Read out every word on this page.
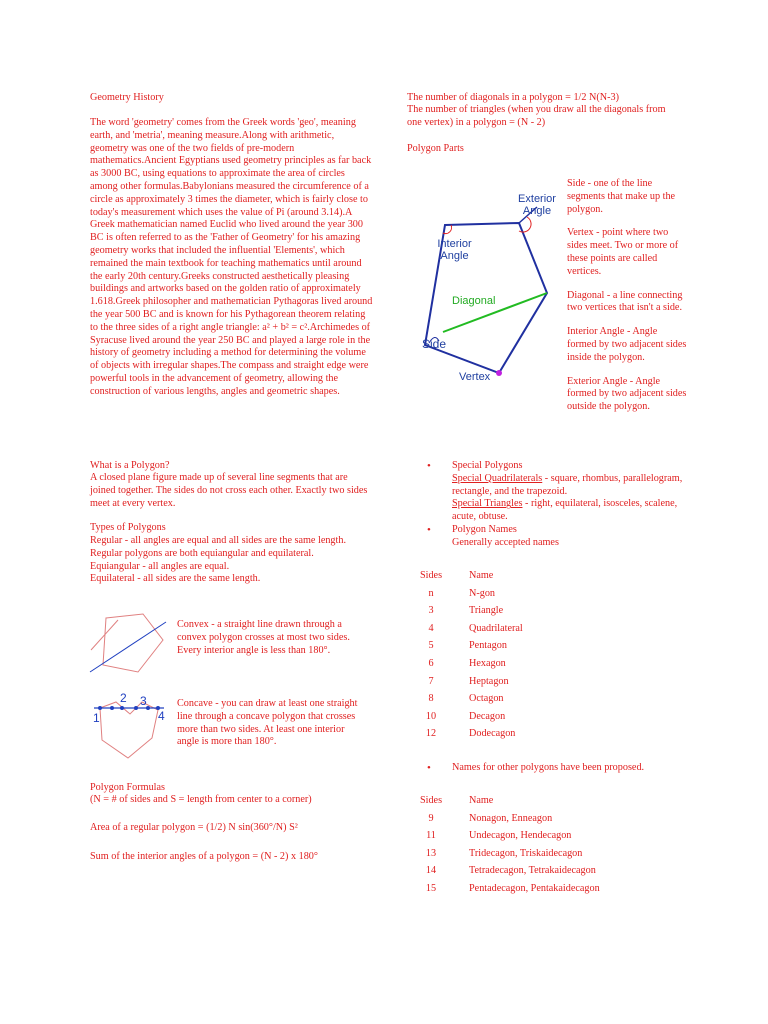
Geometry History

The word 'geometry' comes from the Greek words 'geo', meaning earth, and 'metria', meaning measure.Along with arithmetic, geometry was one of the two fields of pre-modern mathematics.Ancient Egyptians used geometry principles as far back as 3000 BC, using equations to approximate the area of circles among other formulas.Babylonians measured the circumference of a circle as approximately 3 times the diameter, which is fairly close to today's measurement which uses the value of Pi (around 3.14).A Greek mathematician named Euclid who lived around the year 300 BC is often referred to as the 'Father of Geometry' for his amazing geometry works that included the influential 'Elements', which remained the main textbook for teaching mathematics until around the early 20th century.Greeks constructed aesthetically pleasing buildings and artworks based on the golden ratio of approximately 1.618.Greek philosopher and mathematician Pythagoras lived around the year 500 BC and is known for his Pythagorean theorem relating to the three sides of a right angle triangle: a² + b² = c².Archimedes of Syracuse lived around the year 250 BC and played a large role in the history of geometry including a method for determining the volume of objects with irregular shapes.The compass and straight edge were powerful tools in the advancement of geometry, allowing the construction of various lengths, angles and geometric shapes.

What is a Polygon?

A closed plane figure made up of several line segments that are joined together. The sides do not cross each other. Exactly two sides meet at every vertex.

Types of Polygons

Regular - all angles are equal and all sides are the same length.

Regular polygons are both equiangular and equilateral.

Equiangular - all angles are equal.

Equilateral - all sides are the same length.

Convex - a straight line drawn through a convex polygon crosses at most two sides. Every interior angle is less than 180°.

1
2 3
4

Concave - you can draw at least one straight line through a concave polygon that crosses more than two sides. At least one interior angle is more than 180°.

Polygon Formulas

(N = # of sides and S = length from center to a corner)

Area of a regular polygon = (1/2) N sin(360°/N) S²

Sum of the interior angles of a polygon = (N - 2) x 180°

The number of diagonals in a polygon = 1/2 N(N-3)

The number of triangles (when you draw all the diagonals from one vertex) in a polygon = (N - 2)

Polygon Parts

Exterior Angle
Interior Angle
Diagonal
Side
Vertex

Side - one of the line segments that make up the polygon.

Vertex - point where two sides meet. Two or more of these points are called vertices.

Diagonal - a line connecting two vertices that isn't a side.

Interior Angle - Angle formed by two adjacent sides inside the polygon.

Exterior Angle - Angle formed by two adjacent sides outside the polygon.

• Special Polygons

Special Quadrilaterals - square, rhombus, parallelogram, rectangle, and the trapezoid.

Special Triangles - right, equilateral, isosceles, scalene, acute, obtuse.

• Polygon Names

Generally accepted names

Sides	Name
n	N-gon
3	Triangle
4	Quadrilateral
5	Pentagon
6	Hexagon
7	Heptagon
8	Octagon
10	Decagon
12	Dodecagon
• Names for other polygons have been proposed.

Sides	Name
9	Nonagon, Enneagon
11	Undecagon, Hendecagon
13	Tridecagon, Triskaidecagon
14	Tetradecagon, Tetrakaidecagon
15	Pentadecagon, Pentakaidecagon
